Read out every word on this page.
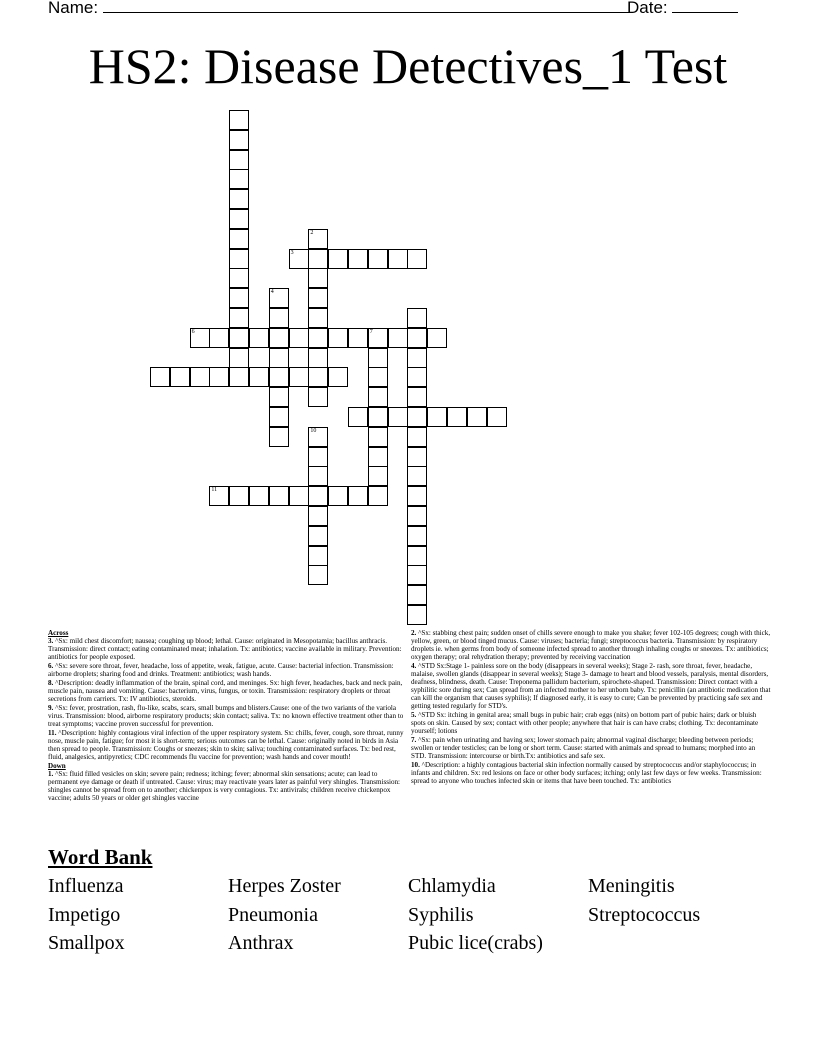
Name:	Date:
HS2: Disease Detectives_1 Test
2
3
4
6	7
10
11
Across

3. ^Sx: mild chest discomfort; nausea; coughing up blood; lethal. Cause: originated in Mesopotamia; bacillus anthracis. Transmission: direct contact; eating contaminated meat; inhalation. Tx: antibiotics; vaccine available in military. Prevention: antibiotics for people exposed.

6. ^Sx: severe sore throat, fever, headache, loss of appetite, weak, fatigue, acute. Cause: bacterial infection. Transmission: airborne droplets; sharing food and drinks. Treatment: antibiotics; wash hands.

8. ^Description: deadly inflammation of the brain, spinal cord, and meninges. Sx: high fever, headaches, back and neck pain, muscle pain, nausea and vomiting. Cause: bacterium, virus, fungus, or toxin. Transmission: respiratory droplets or throat secretions from carriers. Tx: IV antibiotics, steroids.

9. ^Sx: fever, prostration, rash, flu-like, scabs, scars, small bumps and blisters.Cause: one of the two variants of the variola virus. Transmission: blood, airborne respiratory products; skin contact; saliva. Tx: no known effective treatment other than to treat symptoms; vaccine proven successful for prevention.

11. ^Description: highly contagious viral infection of the upper respiratory system. Sx: chills, fever, cough, sore throat, runny nose, muscle pain, fatigue; for most it is short-term; serious outcomes can be lethal. Cause: originally noted in birds in Asia then spread to people. Transmission: Coughs or sneezes; skin to skin; saliva; touching contaminated surfaces. Tx: bed rest, fluid, analgesics, antipyretics; CDC recommends flu vaccine for prevention; wash hands and cover mouth!

Down

1. ^Sx: fluid filled vesicles on skin; severe pain; redness; itching; fever; abnormal skin sensations; acute; can lead to permanent eye damage or death if untreated. Cause: virus; may reactivate years later as painful very shingles. Transmission: shingles cannot be spread from on to another; chickenpox is very contagious. Tx: antivirals; children receive chickenpox vaccine; adults 50 years or older get shingles vaccine

2. ^Sx: stabbing chest pain; sudden onset of chills severe enough to make you shake; fever 102-105 degrees; cough with thick, yellow, green, or blood tinged mucus. Cause: viruses; bacteria; fungi; streptococcus bacteria. Transmission: by respiratory droplets ie. when germs from body of someone infected spread to another through inhaling coughs or sneezes. Tx: antibiotics; oxygen therapy; oral rehydration therapy; prevented by receiving vaccination

4. ^STD Sx:Stage 1- painless sore on the body (disappears in several weeks); Stage 2- rash, sore throat, fever, headache, malaise, swollen glands (disappear in several weeks); Stage 3- damage to heart and blood vessels, paralysis, mental disorders, deafness, blindness, death. Cause: Treponema pallidum bacterium, spirochete-shaped. Transmission: Direct contact with a syphilitic sore during sex; Can spread from an infected mother to her unborn baby. Tx: penicillin (an antibiotic medication that can kill the organism that causes syphilis); If diagnosed early, it is easy to cure; Can be prevented by practicing safe sex and getting tested regularly for STD's.

5. ^STD Sx: itching in genital area; small bugs in pubic hair; crab eggs (nits) on bottom part of pubic hairs; dark or bluish spots on skin. Caused by sex; contact with other people; anywhere that hair is can have crabs; clothing. Tx: decontaminate yourself; lotions

7. ^Sx: pain when urinating and having sex; lower stomach pain; abnormal vaginal discharge; bleeding between periods; swollen or tender testicles; can be long or short term. Cause: started with animals and spread to humans; morphed into an STD. Transmission: intercourse or birth.Tx: antibiotics and safe sex.

10. ^Description: a highly contagious bacterial skin infection normally caused by streptococcus and/or staphylococcus; in infants and children. Sx: red lesions on face or other body surfaces; itching; only last few days or few weeks. Transmission: spread to anyone who touches infected skin or items that have been touched. Tx: antibiotics

Word Bank
Influenza	Herpes Zoster	Chlamydia	Meningitis
Impetigo	Pneumonia	Syphilis	Streptococcus
Smallpox	Anthrax	Pubic lice(crabs)
